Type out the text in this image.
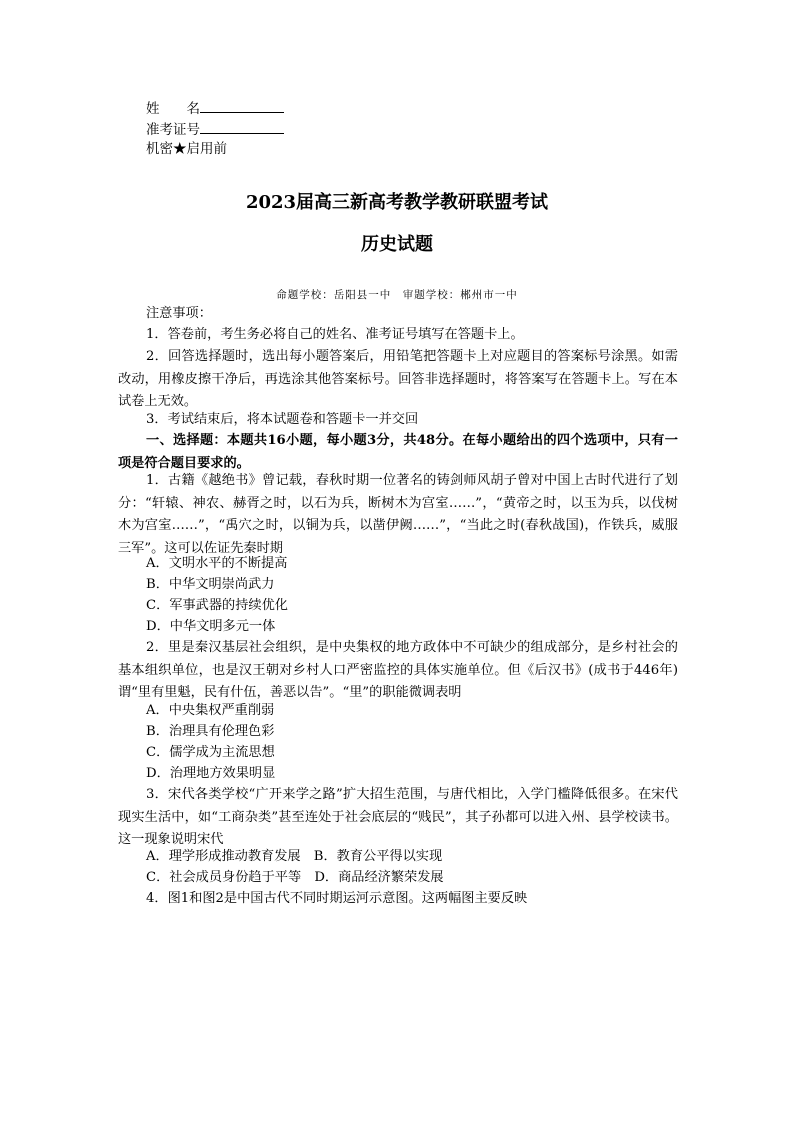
姓　　名
准考证号
机密★启用前
2023届高三新高考教学教研联盟考试
历史试题
命题学校：岳阳县一中　审题学校：郴州市一中
注意事项：
1．答卷前，考生务必将自己的姓名、准考证号填写在答题卡上。
2．回答选择题时，选出每小题答案后，用铅笔把答题卡上对应题目的答案标号涂黑。如需改动，用橡皮擦干净后，再选涂其他答案标号。回答非选择题时，将答案写在答题卡上。写在本试卷上无效。
3．考试结束后，将本试题卷和答题卡一并交回
一、选择题：本题共16小题，每小题3分，共48分。在每小题给出的四个选项中，只有一项是符合题目要求的。
1．古籍《越绝书》曾记载，春秋时期一位著名的铸剑师风胡子曾对中国上古时代进行了划分：“轩辕、神农、赫胥之时，以石为兵，断树木为宫室……”，“黄帝之时，以玉为兵，以伐树木为宫室……”，“禹穴之时，以铜为兵，以凿伊阙……”，“当此之时(春秋战国)，作铁兵，威服三军”。这可以佐证先秦时期
A．文明水平的不断提高
B．中华文明崇尚武力
C．军事武器的持续优化
D．中华文明多元一体
2．里是秦汉基层社会组织，是中央集权的地方政体中不可缺少的组成部分，是乡村社会的基本组织单位，也是汉王朝对乡村人口严密监控的具体实施单位。但《后汉书》(成书于446年)谓“里有里魁，民有什伍，善恶以告”。“里”的职能微调表明
A．中央集权严重削弱
B．治理具有伦理色彩
C．儒学成为主流思想
D．治理地方效果明显
3．宋代各类学校“广开来学之路”扩大招生范围，与唐代相比，入学门槛降低很多。在宋代现实生活中，如“工商杂类”甚至连处于社会底层的“贱民”，其子孙都可以进入州、县学校读书。这一现象说明宋代
A．理学形成推动教育发展　B．教育公平得以实现
C．社会成员身份趋于平等　D．商品经济繁荣发展
4．图1和图2是中国古代不同时期运河示意图。这两幅图主要反映
